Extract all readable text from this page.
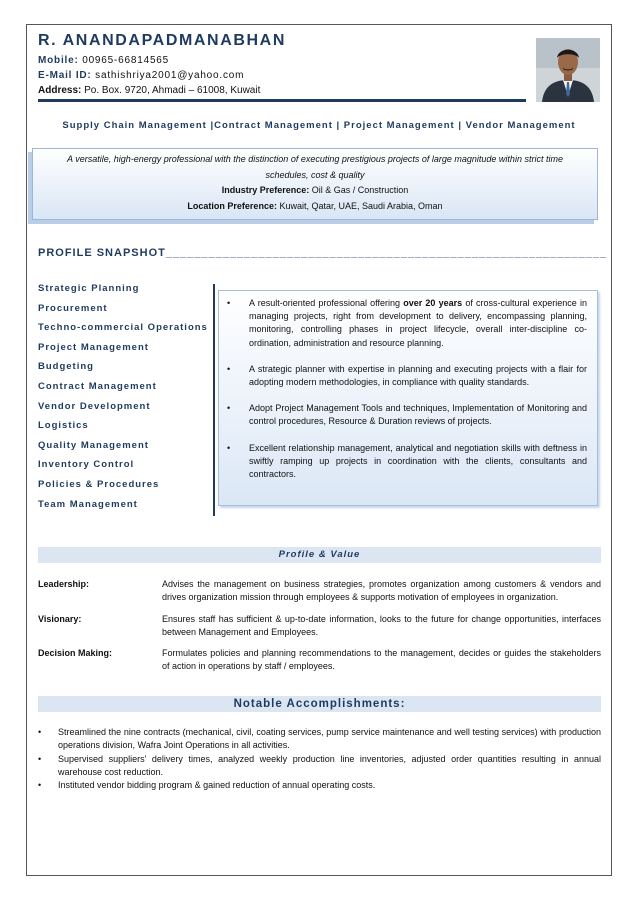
R. ANANDAPADMANABHAN
Mobile: 00965-66814565
E-Mail ID: sathishriya2001@yahoo.com
Address: Po. Box. 9720, Ahmadi – 61008, Kuwait
Supply Chain Management |Contract Management | Project Management | Vendor Management
A versatile, high-energy professional with the distinction of executing prestigious projects of large magnitude within strict time schedules, cost & quality
Industry Preference: Oil & Gas / Construction
Location Preference: Kuwait, Qatar, UAE, Saudi Arabia, Oman
PROFILE SNAPSHOT______________________________________________________________
Strategic Planning
Procurement
Techno-commercial Operations
Project Management
Budgeting
Contract Management
Vendor Development
Logistics
Quality Management
Inventory Control
Policies & Procedures
Team Management
•	A result-oriented professional offering over 20 years of cross-cultural experience in managing projects, right from development to delivery, encompassing planning, monitoring, controlling phases in project lifecycle, overall inter-discipline co-ordination, administration and resource planning.
•	A strategic planner with expertise in planning and executing projects with a flair for adopting modern methodologies, in compliance with quality standards.
•	Adopt Project Management Tools and techniques, Implementation of Monitoring and control procedures, Resource & Duration reviews of projects.
•	Excellent relationship management, analytical and negotiation skills with deftness in swiftly ramping up projects in coordination with the clients, consultants and contractors.
Profile & Value
Leadership:	Advises the management on business strategies, promotes organization among customers & vendors and drives organization mission through employees & supports motivation of employees in organization.
Visionary:	Ensures staff has sufficient & up-to-date information, looks to the future for change opportunities, interfaces between Management and Employees.
Decision Making:	Formulates policies and planning recommendations to the management, decides or guides the stakeholders of action in operations by staff / employees.
Notable Accomplishments:
•	Streamlined the nine contracts (mechanical, civil, coating services, pump service maintenance and well testing services) with production operations division, Wafra Joint Operations in all activities.
•	Supervised suppliers' delivery times, analyzed weekly production line inventories, adjusted order quantities resulting in annual warehouse cost reduction.
•	Instituted vendor bidding program & gained reduction of annual operating costs.
